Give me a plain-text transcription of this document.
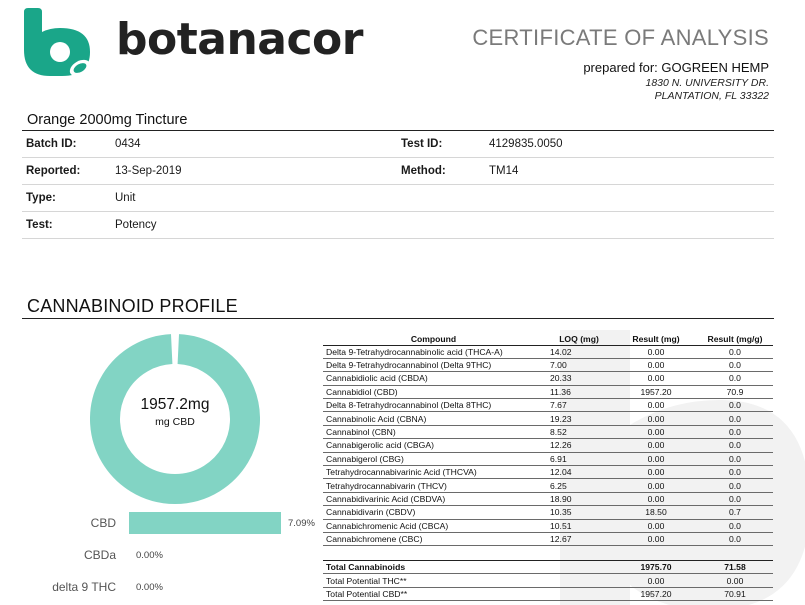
botanacor	CERTIFICATE OF ANALYSIS
prepared for: GOGREEN HEMP
1830 N. UNIVERSITY DR.
PLANTATION, FL 33322
Orange 2000mg Tincture
Batch ID:	0434	Test ID:	4129835.0050
Reported:	13-Sep-2019	Method:	TM14
Type:	Unit
Test:	Potency
CANNABINOID PROFILE
1957.2mg
mg CBD
CBD	7.09%
CBDa 0.00%
delta 9 THC 0.00%
Compound	LOQ (mg)	Result (mg)	Result (mg/g)
Delta 9-Tetrahydrocannabinolic acid (THCA-A)	14.02	0.00	0.0
Delta 9-Tetrahydrocannabinol (Delta 9THC)	7.00	0.00	0.0
Cannabidiolic acid (CBDA)	20.33	0.00	0.0
Cannabidiol (CBD)	11.36	1957.20	70.9
Delta 8-Tetrahydrocannabinol (Delta 8THC)	7.67	0.00	0.0
Cannabinolic Acid (CBNA)	19.23	0.00	0.0
Cannabinol (CBN)	8.52	0.00	0.0
Cannabigerolic acid (CBGA)	12.26	0.00	0.0
Cannabigerol (CBG)	6.91	0.00	0.0
Tetrahydrocannabivarinic Acid (THCVA)	12.04	0.00	0.0
Tetrahydrocannabivarin (THCV)	6.25	0.00	0.0
Cannabidivarinic Acid (CBDVA)	18.90	0.00	0.0
Cannabidivarin (CBDV)	10.35	18.50	0.7
Cannabichromenic Acid (CBCA)	10.51	0.00	0.0
Cannabichromene (CBC)	12.67	0.00	0.0
Total Cannabinoids		1975.70	71.58
Total Potential THC**		0.00	0.00
Total Potential CBD**		1957.20	70.91
